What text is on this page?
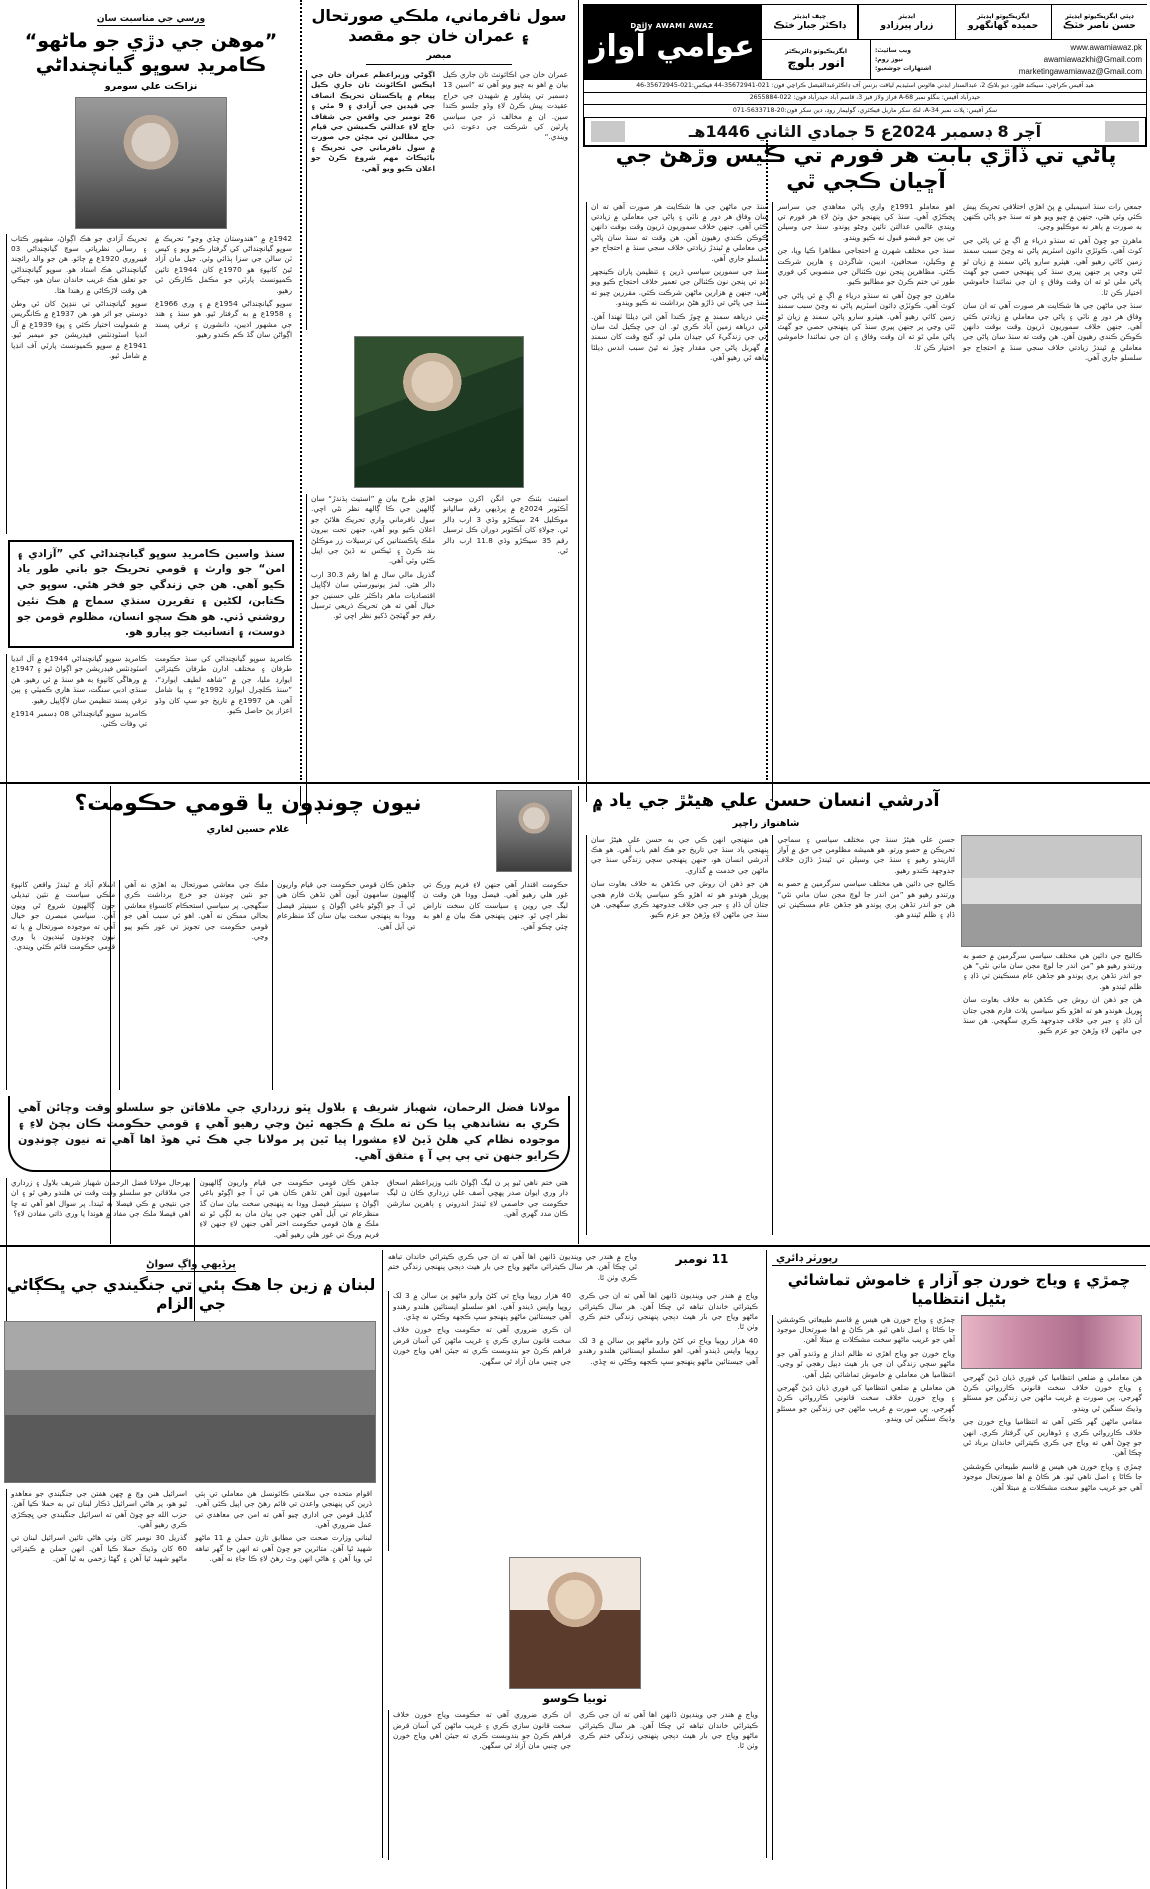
Daily AWAMI AWAZ
عوامي آواز
چيف ايڊيٽر
ڊاڪٽر جبار خٽڪ
ايڊيٽر
زرار پيرزادو
ايگزيڪيوٽو ايڊيٽر
حميده گهانگهرو
ڊپٽي ايگزيڪيوٽو ايڊيٽر
حسن ناصر خٽڪ
ايگزيڪيوٽو ڊائريڪٽر
انور بلوچ
ويب سائيٽ:
نيوز روم:
اشتهارات جوشعبو:
www.awamiawaz.pk
awamiawazkhi@Gmail.com
marketingawamiawaz@Gmail.com
هيڊ آفيس ڪراچي: سيڪنڊ فلور، ديو بلاڪ 2، عبدالستار ايڊني هائوس اسٽيڊيم لياقت بزنس آف ڊاڪٽرعبدالقيصل ڪراچي فون: 021-35672941-44 فيڪس:021-35672945-46
حيدرآباد آفيس: بنگلو نمبر A-68 فراز ولاز فيز 3، قاسم آباد حيدرآباد فون: 022-2655884
سکر آفيس: پلاٽ نمبر A-34، لڪ سکر ماربل فيڪٽري، گوليمار روڊ، دين سکر فون:20-5633718-071
آچر 8 ڊسمبر 2024ع 5 جمادي الثاني 1446هـ
ورسي جي مناسبت سان
”موهن جي دڙي جو ماڻهو“
ڪامريڊ سوڀو گيانچنداڻي
نزاڪت علي سومرو

تحريڪ آزادي جو هڪ اڳواڻ، مشهور ڪتاب ۽ رسالي نظرياتي سوچ گيانچنداڻي 03 فيبروري 1920ع ۾ ڄائو. هن جو والد رائچند گيانچنداڻي هڪ استاد هو. سوڀو گيانچنداڻي جو تعلق هڪ غريب خاندان سان هو، جيڪي هن وقت لاڙڪاڻي ۾ رهندا هئا.

سوڀو گيانچنداڻي تي ننڍپڻ کان ئي وطن دوستي جو اثر هو. هن 1937ع ۾ ڪانگريس ۾ شموليت اختيار ڪئي ۽ پوءِ 1939ع ۾ آل انڊيا اسٽوڊنٽس فيڊريشن جو ميمبر ٿيو. 1941ع ۾ سوڀو ڪميونسٽ پارٽي آف انڊيا ۾ شامل ٿيو.

1942ع ۾ ”هندوستان ڇڏي وڃو“ تحريڪ ۾ سوڀو گيانچنداڻي کي گرفتار ڪيو ويو ۽ کيس ٽن سالن جي سزا ٻڌائي وئي. جيل مان آزاد ٿيڻ کانپوءِ هو 1970ع کان 1944ع تائين ڪميونسٽ پارٽي جو مڪمل ڪارڪن ٿي رهيو.

سوڀو گيانچنداڻي 1954ع ۾ ۽ وري 1966ع ۽ 1958ع ۾ به گرفتار ٿيو. هو سنڌ ۽ هند جي مشهور اديبن، دانشورن ۽ ترقي پسند اڳواڻن سان گڏ ڪم ڪندو رهيو.

سنڌ واسين ڪامريڊ سوڀو گيانچنداڻي کي ”آزادي ۽ امن“ جو وارث ۽ قومي تحريڪ جو باني طور ياد ڪيو آهي. هن جي زندگي جو فخر هئي. سوڀو جي ڪتابن، لکڻين ۽ تقريرن سنڌي سماج ۾ هڪ نئين روشني ڏني. هو هڪ سچو انسان، مظلوم قومن جو دوست، ۽ انسانيت جو پيارو هو.

ڪامريڊ سوڀو گيانچنداڻي 1944ع ۾ آل انڊيا اسٽوڊنٽس فيڊريشن جو اڳواڻ ٿيو ۽ 1947ع ۾ ورهاڱي کانپوءِ به هو سنڌ ۾ ئي رهيو. هن سنڌي ادبي سنگت، سنڌ هاري ڪميٽي ۽ ٻين ترقي پسند تنظيمن سان لاڳاپيل رهيو.

ڪامريڊ سوڀو گيانچنداڻي 08 ڊسمبر 1914ع تي وفات ڪئي.

ڪامريڊ سوڀو گيانچنداڻي کي سنڌ حڪومت طرفان ۽ مختلف ادارن طرفان ڪيترائي ايوارڊ مليا، جن ۾ ”شاهه لطيف ايوارڊ“، ”سنڌ ڪلچرل ايوارڊ 1992ع“ ۽ ٻيا شامل آهن. هن 1997ع ۾ تاريخ جو سڀ کان وڏو اعزاز پڻ حاصل ڪيو.

سول نافرماني، ملڪي صورتحال ۽ عمران خان جو مقصد
مبصر

اڳوڻي وزيراعظم عمران خان جي ايڪس اڪائونٽ تان جاري ڪيل پيغام ۾ پاڪستان تحريڪ انصاف جي قيدين جي آزادي ۽ 9 مئي ۽ 26 نومبر جي واقعن جي شفاف جاچ لاءِ عدالتي ڪميشن جي قيام جي مطالبن تي مچئن جي صورت ۾ سول نافرماني جي تحريڪ ۽ بائيڪاٽ مهم شروع ڪرڻ جو اعلان ڪيو ويو آهي.

عمران خان جي اڪائونٽ تان جاري ڪيل بيان ۾ اهو به چيو ويو آهي ته ”اسين 13 ڊسمبر تي پشاور ۾ شهيدن جي خراج عقيدت پيش ڪرڻ لاءِ وڏو جلسو ڪندا سين. ان ۾ مخالف ڌر جي سياسي پارٽين کي شرڪت جي دعوت ڏني ويندي.“

اهڙي طرح بيان ۾ ”استيٺ ٻڌندڙ“ سان ڳالهين جي ڪا ڳالهه نظر نٿي اچي. سول نافرماني واري تحريڪ هلائڻ جو اعلان ڪيو ويو آهي، جنهن تحت بيرون ملڪ پاڪستانين کي ترسيلات زر موڪلڻ بند ڪرڻ ۽ ٽيڪس نه ڏيڻ جي اپيل ڪئي وئي آهي.

گذريل مالي سال ۾ اها رقم 30.3 ارب ڊالر هئي. لمز يونيورسٽي سان لاڳاپيل اقتصاديات ماهر ڊاڪٽر علي حسنين جو خيال آهي ته هن تحريڪ ذريعي ترسيل رقم جو گهٽجڻ ڏکيو نظر اچي ٿو.

استيٺ بئنڪ جي انگن اکرن موجب آڪٽوبر 2024ع ۾ پرڏيهي رقم ساليانو موڪليل 24 سيڪڙو وڌي 3 ارب ڊالر ٿي. جولاءِ کان آڪٽوبر دوران ڪل ترسيل رقم 35 سيڪڙو وڌي 11.8 ارب ڊالر ٿي.

پاڻي تي ڏاڙي بابت هر فورم تي ڪيس وڙهڻ جي آڇيان ڪجي ٿي

سنڌ جي ماڻهن جي ها شڪايت هر صورت آهي ته ان سان وفاق هر دور ۾ ناٽي ۽ پاڻي جي معاملي ۾ زيادتي ڪئي آهي. جنهن خلاف سموريون ڌريون وقت بوقت دانهن ڪوڪن ڪندي رهيون آهن. هن وقت ته سنڌ سان پاڻي جي معاملي ۾ ٿيندڙ زيادتي خلاف سجي سنڌ ۾ احتجاج جو سلسلو جاري آهي.

سنڌ جي سمورين سياسي ڌرين ۽ تنظيمن پاران ڪينجهر ڍنڍ تي پنجن نون ڪئنالن جي تعمير خلاف احتجاج ڪيو ويو آهي، جنهن ۾ هزارين ماڻهن شرڪت ڪئي. مقررين چيو ته سنڌ جي پاڻي تي ڌاڙو هڻڻ برداشت نه ڪيو ويندو.

جتي درياهه سمنڊ ۾ ڇوڙ ڪندا آهن اتي ڊيلٽا ٺهندا آهن. اتي درياهه زمين آباد ڪري ٿو. ان جي چڪيل لٽ سان اتي جي زندگيءَ کي جيدان ملي ٿو. گنج وقت کان سمنڊ ۾ گهربل پاڻي جي مقدار ڇوڙ نه ٿيڻ سبب اندس ڊيلٽا تباهه ٿي رهيو آهي.

اهو معاملو 1991ع واري پاڻي معاهدي جي سراسر ڀڃڪڙي آهي. سنڌ کي پنهنجو حق وٺڻ لاءِ هر فورم تي ويندي عالمي عدالتن تائين وڃڻو پوندو. سنڌ جي وسيلن تي ٻين جو قبضو قبول نه ڪيو ويندو.

سنڌ جي مختلف شهرن ۾ احتجاجي مظاهرا ڪيا ويا، جن ۾ وڪيلن، صحافين، اديبن، شاگردن ۽ هارين شرڪت ڪئي. مظاهرين پنجن نون ڪئنالن جي منصوبي کي فوري طور تي ختم ڪرڻ جو مطالبو ڪيو.

ماهرن جو چوڻ آهي ته سنڌو درياء ۾ اڳ ۾ ئي پاڻي جي کوٽ آهي. ڪوٽڙي ڊائون اسٽريم پاڻي نه وڃڻ سبب سمنڊ زمين کائي رهيو آهي. هيٺرو سارو پاڻي سمنڊ ۾ زيان ٿو ٿئي وڃي پر جنهن پيري سنڌ کي پنهنجي حصي جو گهٽ پاڻي ملي ٿو ته ان وقت وفاق ۽ ان جي نمائندا خاموشي اختيار ڪن ٿا.

جمعي رات سنڌ اسيمبلي ۾ پڻ اهڙي اختلافي تحريڪ پيش ڪئي وئي هئي، جنهن ۾ چيو ويو هو ته سنڌ جو پاڻي ڪنهن به صورت ۾ ٻاهر نه موڪليو وڃي.

ماهرن جو چوڻ آهي ته سنڌو درياء ۾ اڳ ۾ ئي پاڻي جي کوٽ آهي. ڪوٽڙي ڊائون اسٽريم پاڻي نه وڃڻ سبب سمنڊ زمين کائي رهيو آهي. هيٺرو سارو پاڻي سمنڊ ۾ زيان ٿو ٿئي وڃي پر جنهن پيري سنڌ کي پنهنجي حصي جو گهٽ پاڻي ملي ٿو ته ان وقت وفاق ۽ ان جي نمائندا خاموشي اختيار ڪن ٿا.

سنڌ جي ماڻهن جي ها شڪايت هر صورت آهي ته ان سان وفاق هر دور ۾ ناٽي ۽ پاڻي جي معاملي ۾ زيادتي ڪئي آهي. جنهن خلاف سموريون ڌريون وقت بوقت دانهن ڪوڪن ڪندي رهيون آهن. هن وقت ته سنڌ سان پاڻي جي معاملي ۾ ٿيندڙ زيادتي خلاف سجي سنڌ ۾ احتجاج جو سلسلو جاري آهي.

نيون چونڊون يا قومي حڪومت؟
غلام حسين لغاري

اسلام آباد ۾ ٿيندڙ واقعن کانپوءِ ملڪي سياست ۾ نئين تبديلي جون ڳالهيون شروع ٿي ويون آهن. سياسي مبصرن جو خيال آهي ته موجوده صورتحال ۾ يا ته نيون چونڊون ٿينديون يا وري قومي حڪومت قائم ڪئي ويندي.

ملڪ جي معاشي صورتحال به اهڙي نه آهي جو نئين چونڊن جو خرچ برداشت ڪري سگهجي. پر سياسي استحڪام کانسواءِ معاشي بحالي ممڪن نه آهي. اهو ئي سبب آهي جو قومي حڪومت جي تجويز تي غور ڪيو پيو وڃي.

جڏهن ڪان قومي حڪومت جي قيام واريون ڳالهيون سامهون آيون آهن تڏهن ڪان هي ٿي آ. جو اڳوڻو باغي اڳواڻ ۽ سينيٽر فيصل وودا به پنهنجي سخت بيان سان گڏ منظرعام تي آيل آهي.

حڪومت اقتدار آهي جنهن لاءِ فريم ورڪ تي غور هلي رهيو آهي. فيصل وودا هن وقت ن ليگ جي روين ۽ سياست کان سخت ناراض نظر اچي ٿو. جنهن پنهنجي هڪ بيان ۾ اهو به چئي چڪو آهي.

مولانا فضل الرحمان، شهباز شريف ۽ بلاول ڀٽو زرداري جي ملاقاتن جو سلسلو وقت وچائن آهي ڪري به نشاندهي پيا ڪن ته ملڪ ۾ ڪجهه ٿيڻ وڃي رهيو آهي ۽ قومي حڪومت ڪان بچڻ لاءِ ۽ موجوده نظام کي هلڻ ڏيڻ لاءِ مشورا پيا ٿين پر مولانا جي هڪ ٿي هوڏ اها آهي ته نيون چونڊون ڪرايو جنهن تي ٻي ٻي آ ۽ متفق آهي.

بهرحال مولانا فضل الرحمان شهباز شريف بلاول ۽ زرداري جي ملاقاتن جو سلسلو وقت وقت تي هلندو رهي ٿو ۽ ان جي نتيجي ۾ ڪي فيصلا به ٿيندا. پر سوال اهو آهي ته ڇا اهي فيصلا ملڪ جي مفاد ۾ هوندا يا وري ذاتي مفادن لاءِ؟

جڏهن ڪان قومي حڪومت جي قيام واريون ڳالهيون سامهون آيون آهن تڏهن ڪان هي ٿي آ جو اڳوڻو باغي اڳواڻ ۽ سينيٽر فيصل وودا به پنهنجي سخت بيان سان گڏ منظرعام تي آيل آهي جنهن جي بيان مان به لڳي ٿو ته ملڪ ۾ هاڻ قومي حڪومت اختر آهي جنهن لاءِ جنهن لاءِ فريم ورڪ تي غور هلي رهيو آهي.

هتي ختم ناهي ٿيو پر ن ليگ اڳواڻ نائب وزيراعظم اسحاق ڊار وري ايوان صدر پهچي آصف علي زرداري ڪان ن ليگ حڪومت جي خاصمي لاءِ ٽيندڙ اندروني ۽ ٻاهرين سازشن ڪان مدد گهري آهي.

آدرشي انسان حسن علي هيڻڙ جي ياد ۾
شاهنواز راڄپر

هي منهنجي انهن ڪي جي به حسن علي هيڻڙ سان پنهنجي ياد سنڌ جي تاريخ جو هڪ اهم باب آهي. هو هڪ آدرشي انسان هو، جنهن پنهنجي سڄي زندگي سنڌ جي ماڻهن جي خدمت ۾ گذاري.

هن جو ذهن ان روش جي ڪڏهن به خلاف بغاوت سان پوريل هوندو هو ته اهڙو ڪو سياسي پلاٽ فارم هجي جتان اُن ڏاڍ ۽ جبر جي خلاف جدوجهد ڪري سگهجي. هن سنڌ جي ماڻهن لاءِ وڙهڻ جو عزم ڪيو.

حسن علي هيڻڙ سنڌ جي مختلف سياسي ۽ سماجي تحريڪن ۾ حصو ورتو. هو هميشه مظلومن جي حق ۾ آواز اٿاريندو رهيو ۽ سنڌ جي وسيلن تي ٿيندڙ ڌاڙن خلاف جدوجهد ڪندو رهيو.

ڪاليج جي دائين هي مختلف سياسي سرگرمين ۾ حصو به ورتندو رهيو هو ”من اندر جا لوچ مجن سان ماني نٿي“ هن جو اندر تڏهن ٻري پوندو هو جڏهن عام مسڪينن تي ڏاڍ ۽ ظلم ٿيندو هو.

ڪاليج جي دائين هي مختلف سياسي سرگرمين ۾ حصو به ورتندو رهيو هو ”من اندر جا لوچ مجن سان ماني نٿي“ هن جو اندر تڏهن ٻري پوندو هو جڏهن عام مسڪينن تي ڏاڍ ۽ ظلم ٿيندو هو.

هن جو ذهن ان روش جي ڪڏهن به خلاف بغاوت سان پوريل هوندو هو ته اهڙو ڪو سياسي پلاٽ فارم هجي جتان اُن ڏاڍ ۽ جبر جي خلاف جدوجهد ڪري سگهجي. هن سنڌ جي ماڻهن لاءِ وڙهڻ جو عزم ڪيو.

رپورٽر ڊائري
چمڙي ۽ وياج خورن جو آزار ۽ خاموش تماشائي بڻيل انتظاميا

چمڙي ۽ وياج خورن هي هيس ۾ قاسم طبيعاتي ڪوششن جا ڪاڻا ۽ اصل ناهي ٿيو. هر ڪاڻ ۾ اها صورتحال موجود آهي جو غريب ماڻهو سخت مشڪلات ۾ مبتلا آهن.

وياج خورن جو وياج اهڙي ته ظالم انداز ۾ وڌندو آهي جو ماڻهو سڄي زندگي ان جي بار هيٺ دٻيل رهجي ٿو وڃي. انتظاميا هن معاملي ۾ خاموش تماشائي بڻيل آهي.

هن معاملي ۾ ضلعي انتظاميا کي فوري ڌيان ڏيڻ گهرجي ۽ وياج خورن خلاف سخت قانوني ڪارروائي ڪرڻ گهرجي. ٻي صورت ۾ غريب ماڻهن جي زندگين جو مسئلو وڌيڪ سنگين ٿي ويندو.

هن معاملي ۾ ضلعي انتظاميا کي فوري ڌيان ڏيڻ گهرجي ۽ وياج خورن خلاف سخت قانوني ڪارروائي ڪرڻ گهرجي. ٻي صورت ۾ غريب ماڻهن جي زندگين جو مسئلو وڌيڪ سنگين ٿي ويندو.

مقامي ماڻهن گهر ڪئي آهي ته انتظاميا وياج خورن جي خلاف ڪارروائي ڪري ۽ ڏوهارين کي گرفتار ڪري. انهن جو چوڻ آهي ته وياج جي ڪري ڪيترائي خاندان برباد ٿي چڪا آهن.

چمڙي ۽ وياج خورن هي هيس ۾ قاسم طبيعاتي ڪوششن جا ڪاڻا ۽ اصل ناهي ٿيو. هر ڪاڻ ۾ اها صورتحال موجود آهي جو غريب ماڻهو سخت مشڪلات ۾ مبتلا آهن.

وياج ۾ هندر جي وينديون ڏانهن اها آهي ته ان جي ڪري ڪيترائي خاندان تباهه ٿي چڪا آهن. هر سال ڪيترائي ماڻهو وياج جي بار هيٺ دٻجي پنهنجي زندگي ختم ڪري وٺن ٿا.

11 نومبر

40 هزار روپيا وياج تي کڻڻ وارو ماڻهو ٻن سالن ۾ 3 لک روپيا واپس ڏيندو آهي. اهو سلسلو ايستائين هلندو رهندو آهي جيستائين ماڻهو پنهنجو سڀ ڪجهه وڪڻي نه ڇڏي.

ان ڪري ضروري آهي ته حڪومت وياج خورن خلاف سخت قانون سازي ڪري ۽ غريب ماڻهن کي آسان قرض فراهم ڪرڻ جو بندوبست ڪري ته جيئن اهي وياج خورن جي چنبي مان آزاد ٿي سگهن.

وياج ۾ هندر جي وينديون ڏانهن اها آهي ته ان جي ڪري ڪيترائي خاندان تباهه ٿي چڪا آهن. هر سال ڪيترائي ماڻهو وياج جي بار هيٺ دٻجي پنهنجي زندگي ختم ڪري وٺن ٿا.

40 هزار روپيا وياج تي کڻڻ وارو ماڻهو ٻن سالن ۾ 3 لک روپيا واپس ڏيندو آهي. اهو سلسلو ايستائين هلندو رهندو آهي جيستائين ماڻهو پنهنجو سڀ ڪجهه وڪڻي نه ڇڏي.

ٽوبيا ڪوسو

ان ڪري ضروري آهي ته حڪومت وياج خورن خلاف سخت قانون سازي ڪري ۽ غريب ماڻهن کي آسان قرض فراهم ڪرڻ جو بندوبست ڪري ته جيئن اهي وياج خورن جي چنبي مان آزاد ٿي سگهن.

وياج ۾ هندر جي وينديون ڏانهن اها آهي ته ان جي ڪري ڪيترائي خاندان تباهه ٿي چڪا آهن. هر سال ڪيترائي ماڻهو وياج جي بار هيٺ دٻجي پنهنجي زندگي ختم ڪري وٺن ٿا.

پرڏيهي واڳ سواڻ
لبنان ۾ زين جا هڪ ٻئي تي جنگيندي جي ڀڪڳاڻي جي الزام

اسرائيل هنن وچ ۾ ڇهن هفتن جي جنگبندي جو معاهدو ٿيو هو، پر هاڻي اسرائيل ڌڪار لبنان تي به حملا ڪيا آهن. حزب الله جو چوڻ آهي ته اسرائيل جنگبندي جي ڀڃڪڙي ڪري رهيو آهي.

گذريل 30 نومبر کان وٺي هاڻي تائين اسرائيل لبنان تي 60 کان وڌيڪ حملا ڪيا آهن. انهن حملن ۾ ڪيترائي ماڻهو شهيد ٿيا آهن ۽ گهڻا زخمي به ٿيا آهن.

اقوام متحده جي سلامتي ڪائونسل هن معاملي تي ٻئي ڌرين کي پنهنجي واعدن تي قائم رهڻ جي اپيل ڪئي آهي. گڏيل قومن جي اداري چيو آهي ته امن جي معاهدي تي عمل ضروري آهي.

لبناني وزارت صحت جي مطابق تازن حملن ۾ 11 ماڻهو شهيد ٿيا آهن. متاثرين جو چوڻ آهي ته انهن جا گهر تباهه ٿي ويا آهن ۽ هاڻي انهن وٽ رهڻ لاءِ ڪا جاءِ نه آهي.
